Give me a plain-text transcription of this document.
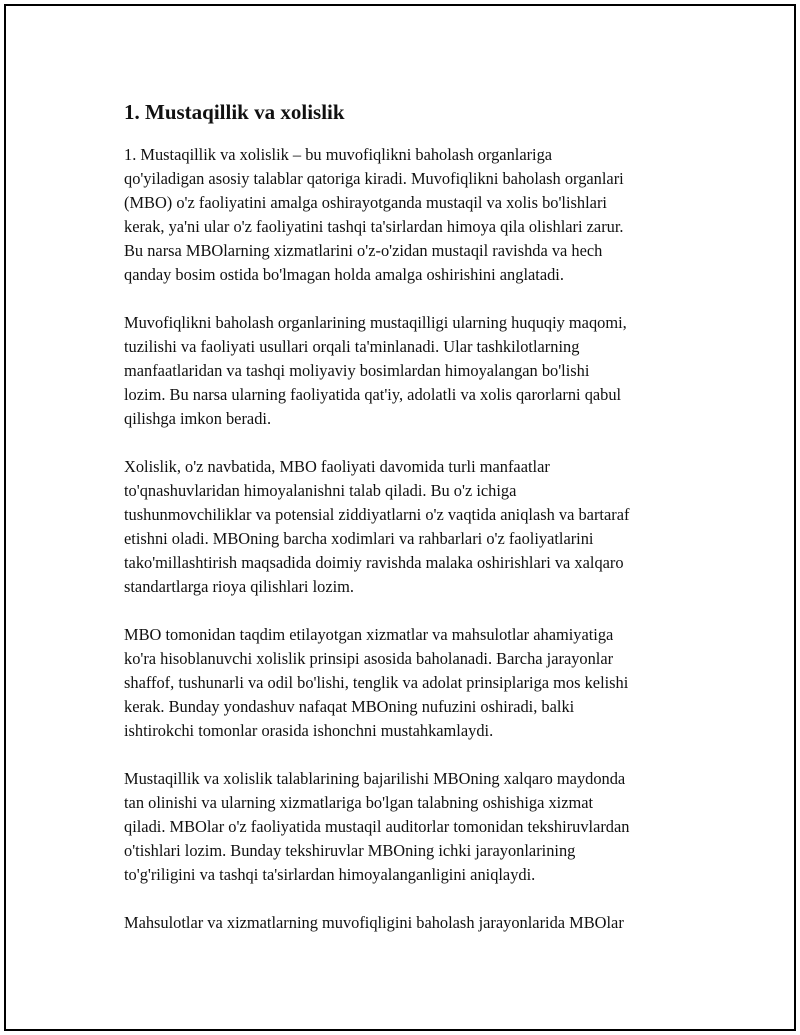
1. Mustaqillik va xolislik
1. Mustaqillik va xolislik – bu muvofiqlikni baholash organlariga
qo'yiladigan asosiy talablar qatoriga kiradi. Muvofiqlikni baholash organlari
(MBO) o'z faoliyatini amalga oshirayotganda mustaqil va xolis bo'lishlari
kerak, ya'ni ular o'z faoliyatini tashqi ta'sirlardan himoya qila olishlari zarur.
Bu narsa MBOlarning xizmatlarini o'z-o'zidan mustaqil ravishda va hech
qanday bosim ostida bo'lmagan holda amalga oshirishini anglatadi.
Muvofiqlikni baholash organlarining mustaqilligi ularning huquqiy maqomi,
tuzilishi va faoliyati usullari orqali ta'minlanadi. Ular tashkilotlarning
manfaatlaridan va tashqi moliyaviy bosimlardan himoyalangan bo'lishi
lozim. Bu narsa ularning faoliyatida qat'iy, adolatli va xolis qarorlarni qabul
qilishga imkon beradi.
Xolislik, o'z navbatida, MBO faoliyati davomida turli manfaatlar
to'qnashuvlaridan himoyalanishni talab qiladi. Bu o'z ichiga
tushunmovchiliklar va potensial ziddiyatlarni o'z vaqtida aniqlash va bartaraf
etishni oladi. MBOning barcha xodimlari va rahbarlari o'z faoliyatlarini
tako'millashtirish maqsadida doimiy ravishda malaka oshirishlari va xalqaro
standartlarga rioya qilishlari lozim.
MBO tomonidan taqdim etilayotgan xizmatlar va mahsulotlar ahamiyatiga
ko'ra hisoblanuvchi xolislik prinsipi asosida baholanadi. Barcha jarayonlar
shaffof, tushunarli va odil bo'lishi, tenglik va adolat prinsiplariga mos kelishi
kerak. Bunday yondashuv nafaqat MBOning nufuzini oshiradi, balki
ishtirokchi tomonlar orasida ishonchni mustahkamlaydi.
Mustaqillik va xolislik talablarining bajarilishi MBOning xalqaro maydonda
tan olinishi va ularning xizmatlariga bo'lgan talabning oshishiga xizmat
qiladi. MBOlar o'z faoliyatida mustaqil auditorlar tomonidan tekshiruvlardan
o'tishlari lozim. Bunday tekshiruvlar MBOning ichki jarayonlarining
to'g'riligini va tashqi ta'sirlardan himoyalanganligini aniqlaydi.
Mahsulotlar va xizmatlarning muvofiqligini baholash jarayonlarida MBOlar
